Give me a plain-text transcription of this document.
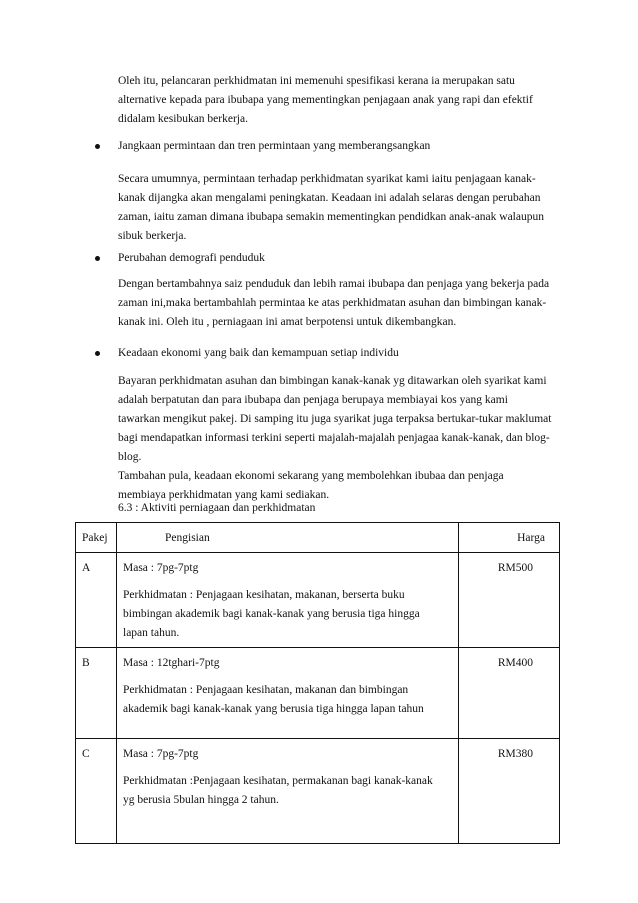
Oleh itu, pelancaran perkhidmatan ini memenuhi spesifikasi kerana ia merupakan satu
alternative kepada para ibubapa yang mementingkan penjagaan anak yang rapi dan efektif
didalam kesibukan berkerja.

Jangkaan permintaan dan tren permintaan yang memberangsangkan

Secara umumnya, permintaan terhadap perkhidmatan syarikat kami iaitu penjagaan kanak-
kanak dijangka akan mengalami peningkatan. Keadaan ini adalah selaras dengan perubahan
zaman, iaitu zaman dimana ibubapa semakin mementingkan pendidkan anak-anak walaupun
sibuk berkerja.

Perubahan demografi penduduk

Dengan bertambahnya saiz penduduk dan lebih ramai ibubapa dan penjaga yang bekerja pada
zaman ini,maka bertambahlah permintaa ke atas perkhidmatan asuhan dan bimbingan kanak-
kanak ini. Oleh itu , perniagaan ini amat berpotensi untuk dikembangkan.

Keadaan ekonomi yang baik dan kemampuan setiap individu

Bayaran perkhidmatan asuhan dan bimbingan kanak-kanak yg ditawarkan oleh syarikat kami
adalah berpatutan dan para ibubapa dan penjaga berupaya membiayai kos yang kami
tawarkan mengikut pakej. Di samping itu juga syarikat juga terpaksa bertukar-tukar maklumat
bagi mendapatkan informasi terkini seperti majalah-majalah penjagaa kanak-kanak, dan blog-
blog.
Tambahan pula, keadaan ekonomi sekarang yang membolehkan ibubaa dan penjaga
membiaya perkhidmatan yang kami sediakan.

6.3 : Aktiviti perniagaan dan perkhidmatan
Pakej	Pengisian	Harga
A	Masa : 7pg-7ptg
Perkhidmatan : Penjagaan kesihatan, makanan, berserta buku
bimbingan akademik bagi kanak-kanak yang berusia tiga hingga
lapan tahun.	RM500
B	Masa : 12tghari-7ptg
Perkhidmatan : Penjagaan kesihatan, makanan dan bimbingan
akademik bagi kanak-kanak yang berusia tiga hingga lapan tahun	RM400
C	Masa : 7pg-7ptg
Perkhidmatan :Penjagaan kesihatan, permakanan bagi kanak-kanak
yg berusia 5bulan hingga 2 tahun.	RM380
